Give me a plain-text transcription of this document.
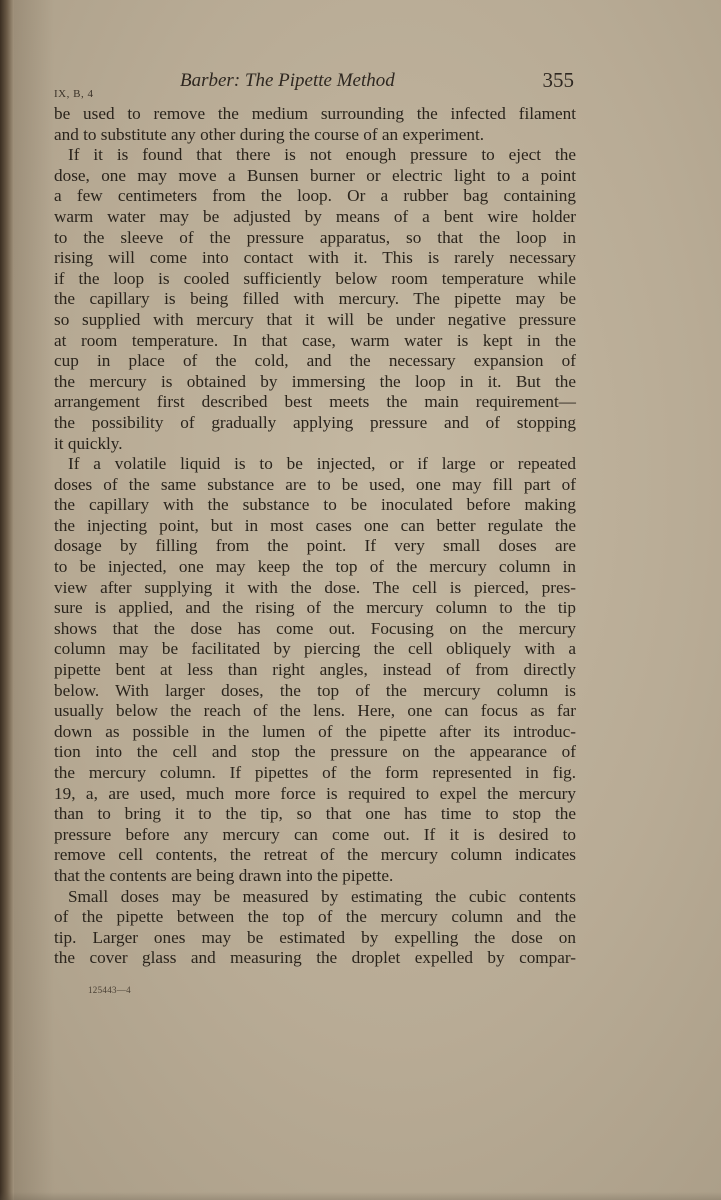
IX, B, 4
Barber: The Pipette Method	355
be used to remove the medium surrounding the infected filament
and to substitute any other during the course of an experiment.
If it is found that there is not enough pressure to eject the
dose, one may move a Bunsen burner or electric light to a point
a few centimeters from the loop. Or a rubber bag containing
warm water may be adjusted by means of a bent wire holder
to the sleeve of the pressure apparatus, so that the loop in
rising will come into contact with it. This is rarely necessary
if the loop is cooled sufficiently below room temperature while
the capillary is being filled with mercury. The pipette may be
so supplied with mercury that it will be under negative pressure
at room temperature. In that case, warm water is kept in the
cup in place of the cold, and the necessary expansion of
the mercury is obtained by immersing the loop in it. But the
arrangement first described best meets the main requirement—
the possibility of gradually applying pressure and of stopping
it quickly.
If a volatile liquid is to be injected, or if large or repeated
doses of the same substance are to be used, one may fill part of
the capillary with the substance to be inoculated before making
the injecting point, but in most cases one can better regulate the
dosage by filling from the point. If very small doses are
to be injected, one may keep the top of the mercury column in
view after supplying it with the dose. The cell is pierced, pres-
sure is applied, and the rising of the mercury column to the tip
shows that the dose has come out. Focusing on the mercury
column may be facilitated by piercing the cell obliquely with a
pipette bent at less than right angles, instead of from directly
below. With larger doses, the top of the mercury column is
usually below the reach of the lens. Here, one can focus as far
down as possible in the lumen of the pipette after its introduc-
tion into the cell and stop the pressure on the appearance of
the mercury column. If pipettes of the form represented in fig.
19, a, are used, much more force is required to expel the mercury
than to bring it to the tip, so that one has time to stop the
pressure before any mercury can come out. If it is desired to
remove cell contents, the retreat of the mercury column indicates
that the contents are being drawn into the pipette.
Small doses may be measured by estimating the cubic contents
of the pipette between the top of the mercury column and the
tip. Larger ones may be estimated by expelling the dose on
the cover glass and measuring the droplet expelled by compar-
125443—4
